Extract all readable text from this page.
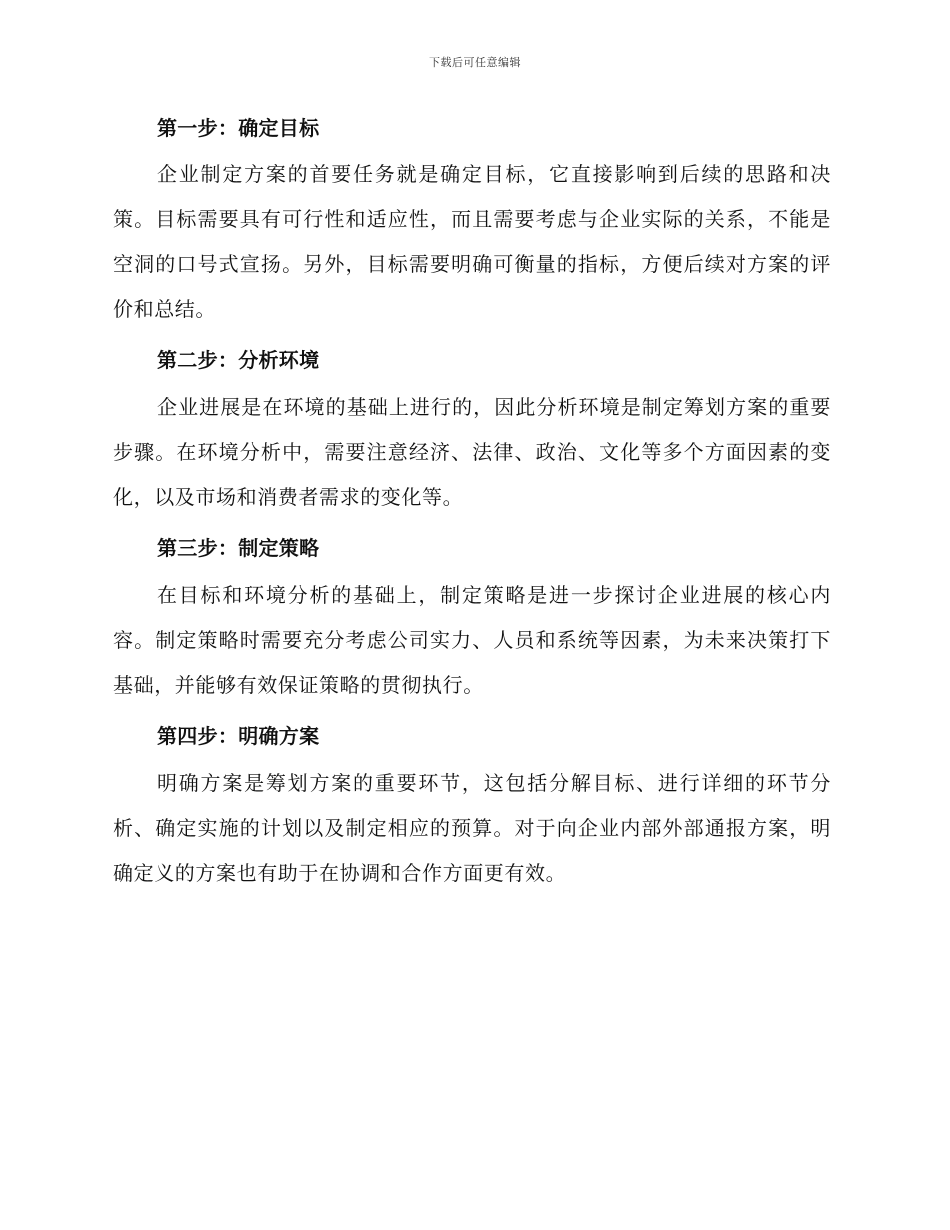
下载后可任意编辑
第一步：确定目标

企业制定方案的首要任务就是确定目标，它直接影响到后续的思路和决策。目标需要具有可行性和适应性，而且需要考虑与企业实际的关系，不能是空洞的口号式宣扬。另外，目标需要明确可衡量的指标，方便后续对方案的评价和总结。

第二步：分析环境

企业进展是在环境的基础上进行的，因此分析环境是制定筹划方案的重要步骤。在环境分析中，需要注意经济、法律、政治、文化等多个方面因素的变化，以及市场和消费者需求的变化等。

第三步：制定策略

在目标和环境分析的基础上，制定策略是进一步探讨企业进展的核心内容。制定策略时需要充分考虑公司实力、人员和系统等因素，为未来决策打下基础，并能够有效保证策略的贯彻执行。

第四步：明确方案

明确方案是筹划方案的重要环节，这包括分解目标、进行详细的环节分析、确定实施的计划以及制定相应的预算。对于向企业内部外部通报方案，明确定义的方案也有助于在协调和合作方面更有效。
